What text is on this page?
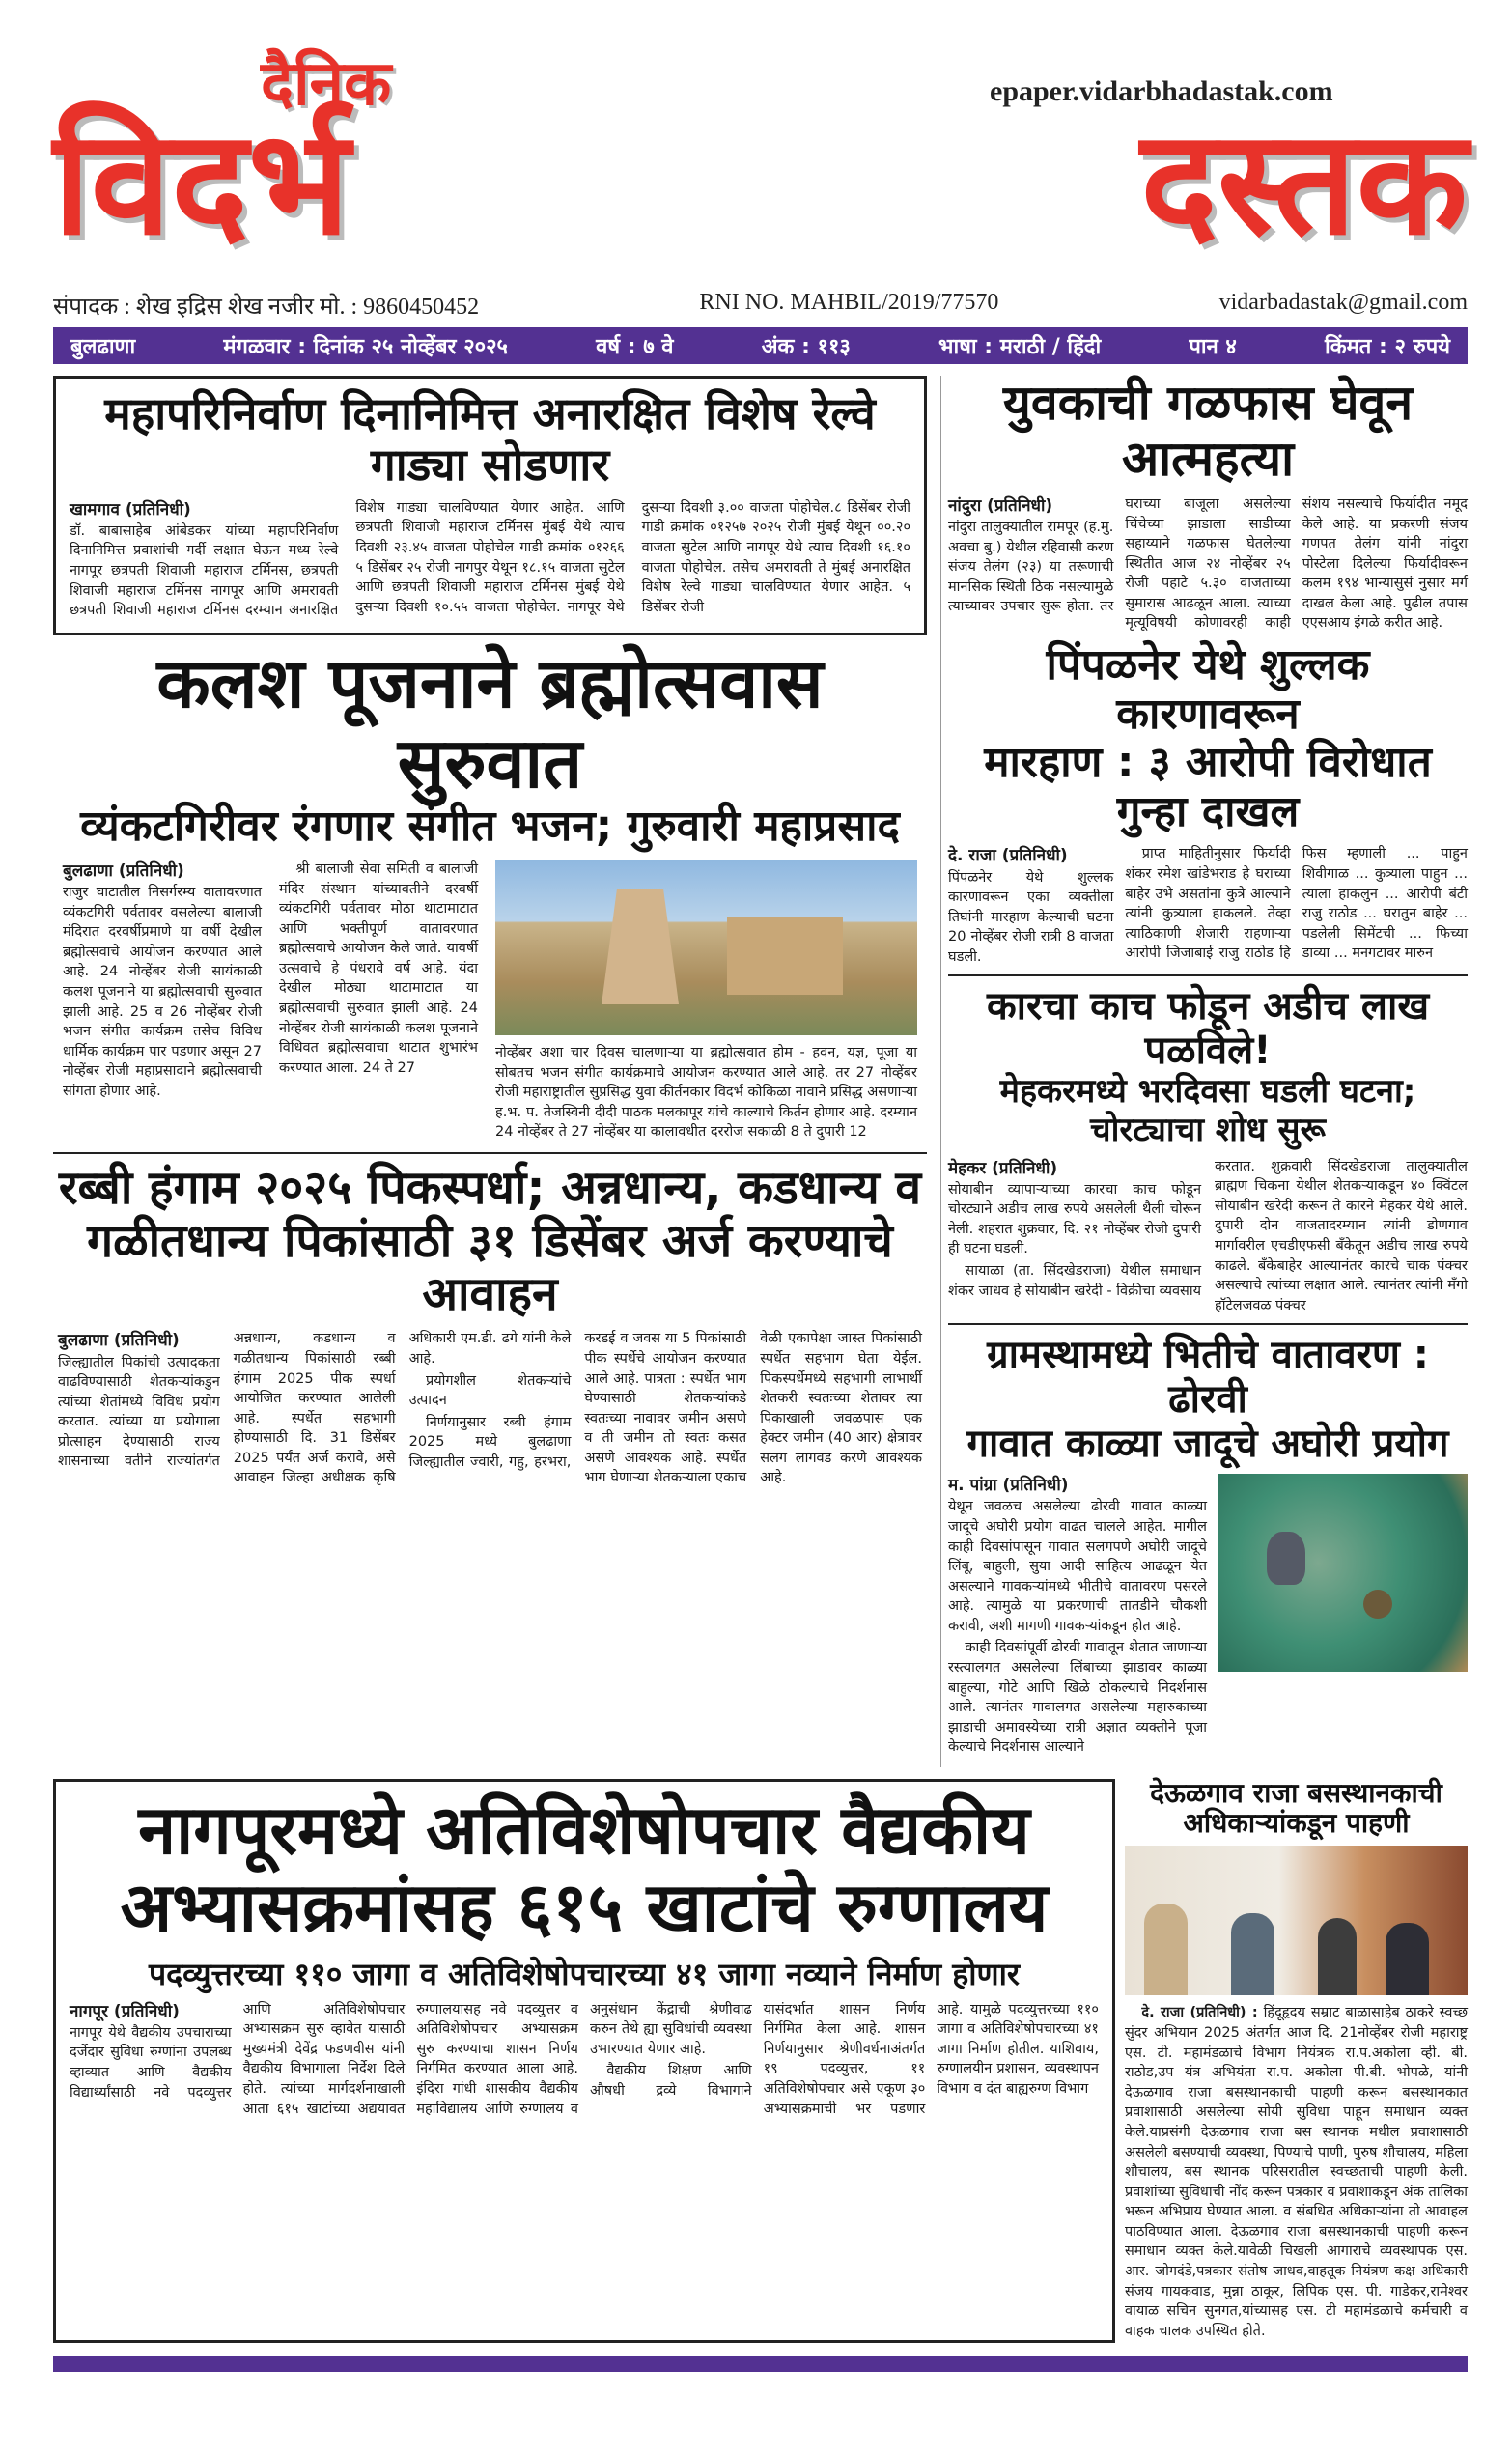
दैनिक	epaper.vidarbhadastak.com
विदर्भ	दस्तक
संपादक : शेख इद्रिस शेख नजीर मो. : 9860450452	RNI NO. MAHBIL/2019/77570	vidarbadastak@gmail.com
बुलढाणा	मंगळवार : दिनांक २५ नोव्हेंबर २०२५	वर्ष : ७ वे	अंक : ११३	भाषा : मराठी / हिंदी	पान ४	किंमत : २ रुपये
महापरिनिर्वाण दिनानिमित्त अनारक्षित विशेष रेल्वे गाड्या सोडणार

खामगाव (प्रतिनिधी)
डॉ. बाबासाहेब आंबेडकर यांच्या महापरिनिर्वाण दिनानिमित्त प्रवाशांची गर्दी लक्षात घेऊन मध्य रेल्वे नागपूर छत्रपती शिवाजी महाराज टर्मिनस, छत्रपती शिवाजी महाराज टर्मिनस नागपूर आणि अमरावती छत्रपती शिवाजी महाराज टर्मिनस दरम्यान अनारक्षित विशेष गाड्या चालविण्यात येणार आहेत. आणि छत्रपती शिवाजी महाराज टर्मिनस मुंबई येथे त्याच दिवशी २३.४५ वाजता पोहोचेल गाडी क्रमांक ०१२६६ ५ डिसेंबर २५ रोजी नागपुर येथून १८.१५ वाजता सुटेल आणि छत्रपती शिवाजी महाराज टर्मिनस मुंबई येथे दुसऱ्या दिवशी १०.५५ वाजता पोहोचेल. नागपूर येथे दुसऱ्या दिवशी ३.०० वाजता पोहोचेल.८ डिसेंबर रोजी गाडी क्रमांक ०१२५७ २०२५ रोजी मुंबई येथून ००.२० वाजता सुटेल आणि नागपूर येथे त्याच दिवशी १६.१० वाजता पोहोचेल. तसेच अमरावती ते मुंबई अनारक्षित विशेष रेल्वे गाड्या चालविण्यात येणार आहेत. ५ डिसेंबर रोजी

कलश पूजनाने ब्रह्मोत्सवास सुरुवात
व्यंकटगिरीवर रंगणार संगीत भजन; गुरुवारी महाप्रसाद

बुलढाणा (प्रतिनिधी)
राजुर घाटातील निसर्गरम्य वातावरणात व्यंकटगिरी पर्वतावर वसलेल्या बालाजी मंदिरात दरवर्षीप्रमाणे या वर्षी देखील ब्रह्मोत्सवाचे आयोजन करण्यात आले आहे. 24 नोव्हेंबर रोजी सायंकाळी कलश पूजनाने या ब्रह्मोत्सवाची सुरुवात झाली आहे. 25 व 26 नोव्हेंबर रोजी भजन संगीत कार्यक्रम तसेच विविध धार्मिक कार्यक्रम पार पडणार असून 27 नोव्हेंबर रोजी महाप्रसादाने ब्रह्मोत्सवाची सांगता होणार आहे.

श्री बालाजी सेवा समिती व बालाजी मंदिर संस्थान यांच्यावतीने दरवर्षी व्यंकटगिरी पर्वतावर मोठा थाटामाटात आणि भक्तीपूर्ण वातावरणात ब्रह्मोत्सवाचे आयोजन केले जाते. यावर्षी उत्सवाचे हे पंधरावे वर्ष आहे. यंदा देखील मोठ्या थाटामाटात या ब्रह्मोत्सवाची सुरुवात झाली आहे. 24 नोव्हेंबर रोजी सायंकाळी कलश पूजनाने विधिवत ब्रह्मोत्सवाचा थाटात शुभारंभ करण्यात आला. 24 ते 27

नोव्हेंबर अशा चार दिवस चालणाऱ्या या ब्रह्मोत्सवात होम - हवन, यज्ञ, पूजा या सोबतच भजन संगीत कार्यक्रमाचे आयोजन करण्यात आले आहे. तर 27 नोव्हेंबर रोजी महाराष्ट्रातील सुप्रसिद्ध युवा कीर्तनकार विदर्भ कोकिळा नावाने प्रसिद्ध असणाऱ्या ह.भ. प. तेजस्विनी दीदी पाठक मलकापूर यांचे काल्याचे किर्तन होणार आहे. दरम्यान 24 नोव्हेंबर ते 27 नोव्हेंबर या कालावधीत दररोज सकाळी 8 ते दुपारी 12

रब्बी हंगाम २०२५ पिकस्पर्धा; अन्नधान्य, कडधान्य व
गळीतधान्य पिकांसाठी ३१ डिसेंबर अर्ज करण्याचे आवाहन

बुलढाणा (प्रतिनिधी)
जिल्ह्यातील पिकांची उत्पादकता वाढविण्यासाठी शेतकऱ्यांकडुन त्यांच्या शेतांमध्ये विविध प्रयोग करतात. त्यांच्या या प्रयोगाला प्रोत्साहन देण्यासाठी राज्य शासनाच्या वतीने राज्यांतर्गत अन्नधान्य, कडधान्य व गळीतधान्य पिकांसाठी रब्बी हंगाम 2025 पीक स्पर्धा आयोजित करण्यात आलेली आहे. स्पर्धेत सहभागी होण्यासाठी दि. 31 डिसेंबर 2025 पर्यंत अर्ज करावे, असे आवाहन जिल्हा अधीक्षक कृषि अधिकारी एम.डी. ढगे यांनी केले आहे.

प्रयोगशील शेतकऱ्यांचे उत्पादन

निर्णयानुसार रब्बी हंगाम 2025 मध्ये बुलढाणा जिल्ह्यातील ज्वारी, गहु, हरभरा, करडई व जवस या 5 पिकांसाठी पीक स्पर्धेचे आयोजन करण्यात आले आहे. पात्रता : स्पर्धेत भाग घेण्यासाठी शेतकऱ्यांकडे स्वतःच्या नावावर जमीन असणे व ती जमीन तो स्वतः कसत असणे आवश्यक आहे. स्पर्धेत भाग घेणाऱ्या शेतकऱ्याला एकाच वेळी एकापेक्षा जास्त पिकांसाठी स्पर्धेत सहभाग घेता येईल. पिकस्पर्धेमध्ये सहभागी लाभार्थी शेतकरी स्वतःच्या शेतावर त्या पिकाखाली जवळपास एक हेक्टर जमीन (40 आर) क्षेत्रावर सलग लागवड करणे आवश्यक आहे.

युवकाची गळफास घेवून आत्महत्या

नांदुरा (प्रतिनिधी)
नांदुरा तालुक्यातील रामपूर (ह.मु. अवचा बु.) येथील रहिवासी करण संजय तेलंग (२३) या तरूणाची मानसिक स्थिती ठिक नसल्यामुळे त्याच्यावर उपचार सुरू होता. तर घराच्या बाजूला असलेल्या चिंचेच्या झाडाला साडीच्या सहाय्याने गळफास घेतलेल्या स्थितीत आज २४ नोव्हेंबर २५ रोजी पहाटे ५.३० वाजताच्या सुमारास आढळून आला. त्याच्या मृत्यूविषयी कोणावरही काही संशय नसल्याचे फिर्यादीत नमूद केले आहे. या प्रकरणी संजय गणपत तेलंग यांनी नांदुरा पोस्टेला दिलेल्या फिर्यादीवरून कलम १९४ भान्यासुसं नुसार मर्ग दाखल केला आहे. पुढील तपास एएसआय इंगळे करीत आहे.

पिंपळनेर येथे शुल्लक कारणावरून
मारहाण : ३ आरोपी विरोधात गुन्हा दाखल

दे. राजा (प्रतिनिधी)
पिंपळनेर येथे शुल्लक कारणावरून एका व्यक्तीला तिघांनी मारहाण केल्याची घटना 20 नोव्हेंबर रोजी रात्री 8 वाजता घडली.

प्राप्त माहितीनुसार फिर्यादी शंकर रमेश खांडेभराड हे घराच्या बाहेर उभे असतांना कुत्रे आल्याने त्यांनी कुत्र्याला हाकलले. तेव्हा त्याठिकाणी शेजारी राहणाऱ्या आरोपी जिजाबाई राजु राठोड हि फिस म्हणाली ... पाहुन शिवीगाळ ... कुत्र्याला पाहुन ... त्याला हाकलुन ... आरोपी बंटी राजु राठोड ... घरातुन बाहेर ... पडलेली सिमेंटची ... फिच्या डाव्या ... मनगटावर मारुन

कारचा काच फोडून अडीच लाख पळविले!
मेहकरमध्ये भरदिवसा घडली घटना; चोरट्याचा शोध सुरू

मेहकर (प्रतिनिधी)
सोयाबीन व्यापाऱ्याच्या कारचा काच फोडून चोरट्याने अडीच लाख रुपये असलेली थैली चोरून नेली. शहरात शुक्रवार, दि. २१ नोव्हेंबर रोजी दुपारी ही घटना घडली.

सायाळा (ता. सिंदखेडराजा) येथील समाधान शंकर जाधव हे सोयाबीन खरेदी - विक्रीचा व्यवसाय करतात. शुक्रवारी सिंदखेडराजा तालुक्यातील ब्राह्मण चिकना येथील शेतकऱ्याकडून ४० क्विंटल सोयाबीन खरेदी करून ते कारने मेहकर येथे आले. दुपारी दोन वाजतादरम्यान त्यांनी डोणगाव मार्गावरील एचडीएफसी बँकेतून अडीच लाख रुपये काढले. बँकेबाहेर आल्यानंतर कारचे चाक पंक्चर असल्याचे त्यांच्या लक्षात आले. त्यानंतर त्यांनी मँगो हॉटेलजवळ पंक्चर

ग्रामस्थामध्ये भितीचे वातावरण : ढोरवी
गावात काळ्या जादूचे अघोरी प्रयोग

म. पांग्रा (प्रतिनिधी)
येथून जवळच असलेल्या ढोरवी गावात काळ्या जादूचे अघोरी प्रयोग वाढत चालले आहेत. मागील काही दिवसांपासून गावात सलगपणे अघोरी जादूचे लिंबू, बाहुली, सुया आदी साहित्य आढळून येत असल्याने गावकऱ्यांमध्ये भीतीचे वातावरण पसरले आहे. त्यामुळे या प्रकरणाची तातडीने चौकशी करावी, अशी मागणी गावकऱ्यांकडून होत आहे.

काही दिवसांपूर्वी ढोरवी गावातून शेतात जाणाऱ्या रस्त्यालगत असलेल्या लिंबाच्या झाडावर काळ्या बाहुल्या, गोटे आणि खिळे ठोकल्याचे निदर्शनास आले. त्यानंतर गावालगत असलेल्या महारुकाच्या झाडाची अमावस्येच्या रात्री अज्ञात व्यक्तीने पूजा केल्याचे निदर्शनास आल्याने

नागपूरमध्ये अतिविशेषोपचार वैद्यकीय
अभ्यासक्रमांसह ६१५ खाटांचे रुग्णालय
पदव्युत्तरच्या ११० जागा व अतिविशेषोपचारच्या ४१ जागा नव्याने निर्माण होणार

नागपूर (प्रतिनिधी)
नागपूर येथे वैद्यकीय उपचाराच्या दर्जेदार सुविधा रुग्णांना उपलब्ध व्हाव्यात आणि वैद्यकीय विद्यार्थ्यांसाठी नवे पदव्युत्तर आणि अतिविशेषोपचार अभ्यासक्रम सुरु व्हावेत यासाठी मुख्यमंत्री देवेंद्र फडणवीस यांनी वैद्यकीय विभागाला निर्देश दिले होते. त्यांच्या मार्गदर्शनाखाली आता ६१५ खाटांच्या अद्ययावत रुग्णालयासह नवे पदव्युत्तर व अतिविशेषोपचार अभ्यासक्रम सुरु करण्याचा शासन निर्णय निर्गमित करण्यात आला आहे. इंदिरा गांधी शासकीय वैद्यकीय महाविद्यालय आणि रुग्णालय व अनुसंधान केंद्राची श्रेणीवाढ करुन तेथे ह्या सुविधांची व्यवस्था उभारण्यात येणार आहे.

वैद्यकीय शिक्षण आणि औषधी द्रव्ये विभागाने यासंदर्भात शासन निर्णय निर्गमित केला आहे. शासन निर्णयानुसार श्रेणीवर्धनाअंतर्गत १९ पदव्युत्तर, ११ अतिविशेषोपचार असे एकूण ३० अभ्यासक्रमाची भर पडणार आहे. यामुळे पदव्युत्तरच्या ११० जागा व अतिविशेषोपचारच्या ४१ जागा निर्माण होतील. याशिवाय, रुग्णालयीन प्रशासन, व्यवस्थापन विभाग व दंत बाह्यरुग्ण विभाग

देऊळगाव राजा बसस्थानकाची अधिकाऱ्यांकडून पाहणी

दे. राजा (प्रतिनिधी) : हिंदूहृदय सम्राट बाळासाहेब ठाकरे स्वच्छ सुंदर अभियान 2025 अंतर्गत आज दि. 21नोव्हेंबर रोजी महाराष्ट्र एस. टी. महामंडळाचे विभाग नियंत्रक रा.प.अकोला व्ही. बी. राठोड,उप यंत्र अभियंता रा.प. अकोला पी.बी. भोपळे, यांनी देऊळगाव राजा बसस्थानकाची पाहणी करून बसस्थानकात प्रवाशासाठी असलेल्या सोयी सुविधा पाहून समाधान व्यक्त केले.याप्रसंगी देऊळगाव राजा बस स्थानक मधील प्रवाशासाठी असलेली बसण्याची व्यवस्था, पिण्याचे पाणी, पुरुष शौचालय, महिला शौचालय, बस स्थानक परिसरातील स्वच्छताची पाहणी केली. प्रवाशांच्या सुविधाची नोंद करून पत्रकार व प्रवाशाकडून अंक तालिका भरून अभिप्राय घेण्यात आला. व संबधित अधिकाऱ्यांना तो आवाहल पाठविण्यात आला. देऊळगाव राजा बसस्थानकाची पाहणी करून समाधान व्यक्त केले.यावेळी चिखली आगाराचे व्यवस्थापक एस. आर. जोगदंडे,पत्रकार संतोष जाधव,वाहतूक नियंत्रण कक्ष अधिकारी संजय गायकवाड, मुन्ना ठाकूर, लिपिक एस. पी. गाडेकर,रामेश्वर वायाळ सचिन सुनगत,यांच्यासह एस. टी महामंडळाचे कर्मचारी व वाहक चालक उपस्थित होते.
